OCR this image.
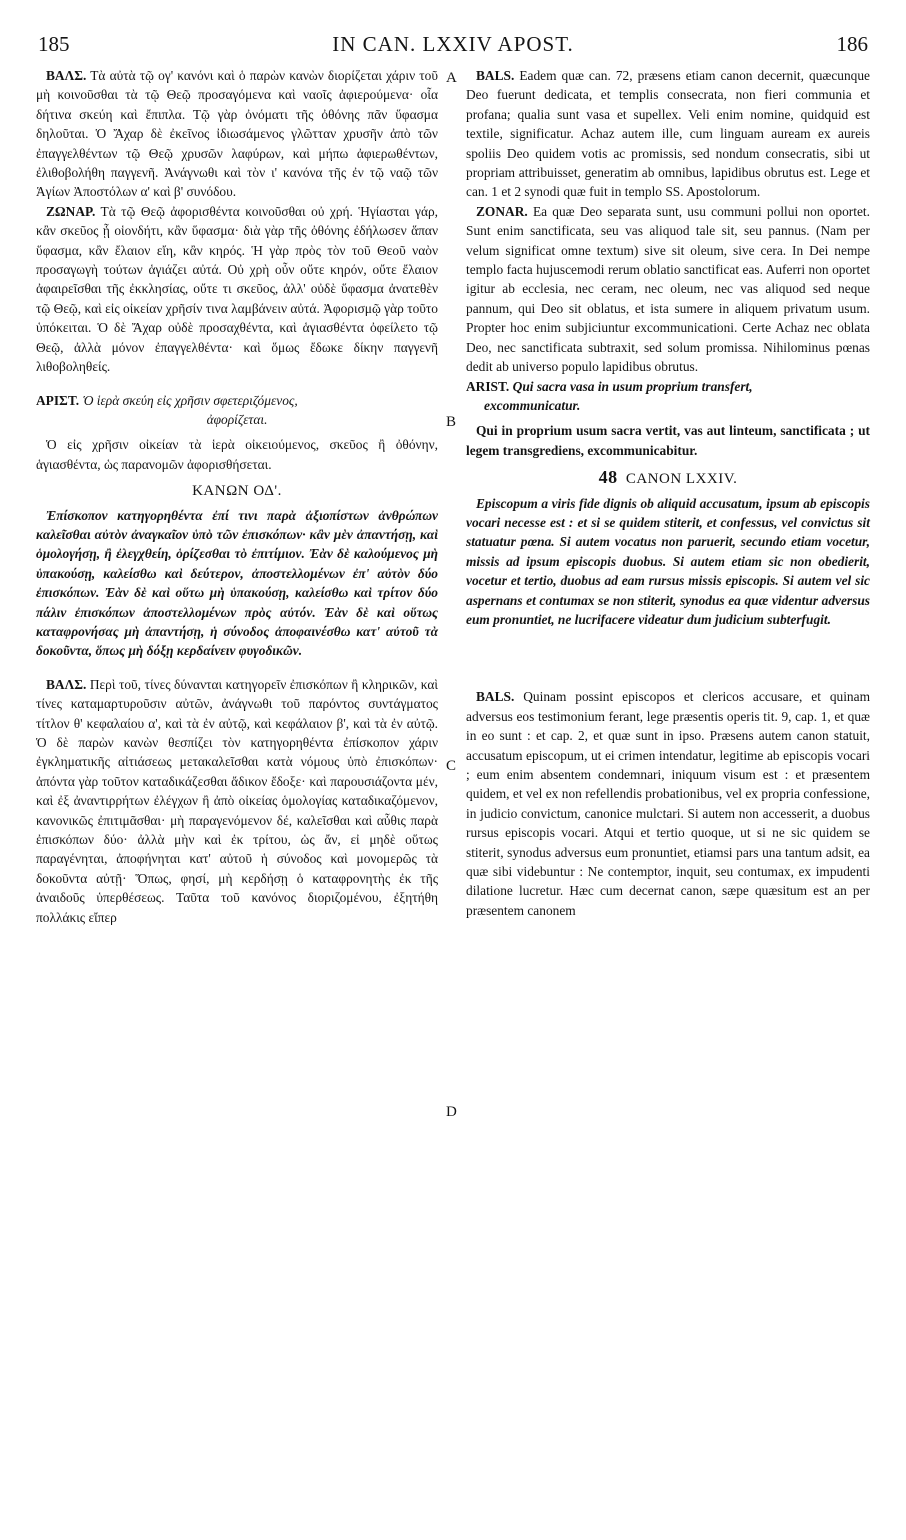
185	IN CAN. LXXIV APOST.	186
A
B
C
D

ΒΑΛΣ. Τὰ αὐτὰ τῷ ογ' κανόνι καὶ ὁ παρὼν κανὼν διορίζεται χάριν τοῦ μὴ κοινοῦσθαι τὰ τῷ Θεῷ προσαγόμενα καὶ ναοῖς ἀφιερούμενα· οἷα δήτινα σκεύη καὶ ἔπιπλα. Τῷ γὰρ ὀνόματι τῆς ὀθόνης πᾶν ὕφασμα δηλοῦται. Ὁ Ἄχαρ δὲ ἐκεῖνος ἰδιωσάμενος γλῶτταν χρυσῆν ἀπὸ τῶν ἐπαγγελθέντων τῷ Θεῷ χρυσῶν λαφύρων, καὶ μήπω ἀφιερωθέντων, ἐλιθοβολήθη παγγενῆ. Ἀνάγνωθι καὶ τὸν ι' κανόνα τῆς ἐν τῷ ναῷ τῶν Ἁγίων Ἀποστόλων α' καὶ β' συνόδου.

ΖΩΝΑΡ. Τὰ τῷ Θεῷ ἀφορισθέντα κοινοῦσθαι οὐ χρή. Ἡγίασται γάρ, κἂν σκεῦος ᾖ οἱονδήτι, κἂν ὕφασμα· διὰ γὰρ τῆς ὀθόνης ἐδήλωσεν ἅπαν ὕφασμα, κἂν ἔλαιον εἴη, κἂν κηρός. Ἡ γὰρ πρὸς τὸν τοῦ Θεοῦ ναὸν προσαγωγὴ τούτων ἁγιάζει αὐτά. Οὐ χρὴ οὖν οὔτε κηρόν, οὔτε ἔλαιον ἀφαιρεῖσθαι τῆς ἐκκλησίας, οὔτε τι σκεῦος, ἀλλ' οὐδὲ ὕφασμα ἀνατεθὲν τῷ Θεῷ, καὶ εἰς οἰκείαν χρῆσίν τινα λαμβάνειν αὐτά. Ἀφορισμῷ γὰρ τοῦτο ὑπόκειται. Ὁ δὲ Ἄχαρ οὐδὲ προσαχθέντα, καὶ ἁγιασθέντα ὀφείλετο τῷ Θεῷ, ἀλλὰ μόνον ἐπαγγελθέντα· καὶ ὅμως ἔδωκε δίκην παγγενῆ λιθοβοληθείς.

ΑΡΙΣΤ. Ὁ ἱερὰ σκεύη εἰς χρῆσιν σφετεριζόμενος,

ἀφορίζεται.

Ὁ εἰς χρῆσιν οἰκείαν τὰ ἱερὰ οἰκειούμενος, σκεῦος ἢ ὀθόνην, ἁγιασθέντα, ὡς παρανομῶν ἀφορισθήσεται.

ΚΑΝΩΝ ΟΔ'.

Ἐπίσκοπον κατηγορηθέντα ἐπί τινι παρὰ ἀξιοπίστων ἀνθρώπων καλεῖσθαι αὐτὸν ἀναγκαῖον ὑπὸ τῶν ἐπισκόπων· κἂν μὲν ἀπαντήσῃ, καὶ ὁμολογήσῃ, ἢ ἐλεγχθείη, ὁρίζεσθαι τὸ ἐπιτίμιον. Ἐὰν δὲ καλούμενος μὴ ὑπακούσῃ, καλείσθω καὶ δεύτερον, ἀποστελλομένων ἐπ' αὐτὸν δύο ἐπισκόπων. Ἐὰν δὲ καὶ οὕτω μὴ ὑπακούσῃ, καλείσθω καὶ τρίτον δύο πάλιν ἐπισκόπων ἀποστελλομένων πρὸς αὐτόν. Ἐὰν δὲ καὶ οὕτως καταφρονήσας μὴ ἀπαντήσῃ, ἡ σύνοδος ἀποφαινέσθω κατ' αὐτοῦ τὰ δοκοῦντα, ὅπως μὴ δόξῃ κερδαίνειν φυγοδικῶν.

ΒΑΛΣ. Περὶ τοῦ, τίνες δύνανται κατηγορεῖν ἐπισκόπων ἢ κληρικῶν, καὶ τίνες καταμαρτυροῦσιν αὐτῶν, ἀνάγνωθι τοῦ παρόντος συντάγματος τίτλον θ' κεφαλαίου α', καὶ τὰ ἐν αὐτῷ, καὶ κεφάλαιον β', καὶ τὰ ἐν αὐτῷ. Ὁ δὲ παρὼν κανὼν θεσπίζει τὸν κατηγορηθέντα ἐπίσκοπον χάριν ἐγκληματικῆς αἰτιάσεως μετακαλεῖσθαι κατὰ νόμους ὑπὸ ἐπισκόπων· ἀπόντα γὰρ τοῦτον καταδικάζεσθαι ἄδικον ἔδοξε· καὶ παρουσιάζοντα μέν, καὶ ἐξ ἀναντιρρήτων ἐλέγχων ἢ ἀπὸ οἰκείας ὁμολογίας καταδικαζόμενον, κανονικῶς ἐπιτιμᾶσθαι· μὴ παραγενόμενον δέ, καλεῖσθαι καὶ αὖθις παρὰ ἐπισκόπων δύο· ἀλλὰ μὴν καὶ ἐκ τρίτου, ὡς ἄν, εἰ μηδὲ οὕτως παραγένηται, ἀποφήνηται κατ' αὐτοῦ ἡ σύνοδος καὶ μονομερῶς τὰ δοκοῦντα αὐτῇ· Ὅπως, φησί, μὴ κερδήσῃ ὁ καταφρονητὴς ἐκ τῆς ἀναιδοῦς ὑπερθέσεως. Ταῦτα τοῦ κανόνος διοριζομένου, ἐξητήθη πολλάκις εἴπερ

BALS. Eadem quæ can. 72, præsens etiam canon decernit, quæcunque Deo fuerunt dedicata, et templis consecrata, non fieri communia et profana; qualia sunt vasa et supellex. Veli enim nomine, quidquid est textile, significatur. Achaz autem ille, cum linguam auream ex aureis spoliis Deo quidem votis ac promissis, sed nondum consecratis, sibi ut propriam attribuisset, generatim ab omnibus, lapidibus obrutus est. Lege et can. 1 et 2 synodi quæ fuit in templo SS. Apostolorum.

ZONAR. Ea quæ Deo separata sunt, usu communi pollui non oportet. Sunt enim sanctificata, seu vas aliquod tale sit, seu pannus. (Nam per velum significat omne textum) sive sit oleum, sive cera. In Dei nempe templo facta hujuscemodi rerum oblatio sanctificat eas. Auferri non oportet igitur ab ecclesia, nec ceram, nec oleum, nec vas aliquod sed neque pannum, qui Deo sit oblatus, et ista sumere in aliquem privatum usum. Propter hoc enim subjiciuntur excommunicationi. Certe Achaz nec oblata Deo, nec sanctificata subtraxit, sed solum promissa. Nihilominus pœnas dedit ab universo populo lapidibus obrutus.

ARIST. Qui sacra vasa in usum proprium transfert,

excommunicatur.

Qui in proprium usum sacra vertit, vas aut linteum, sanctificata ; ut legem transgrediens, excommunicabitur.

48 CANON LXXIV.

Episcopum a viris fide dignis ob aliquid accusatum, ipsum ab episcopis vocari necesse est : et si se quidem stiterit, et confessus, vel convictus sit statuatur pœna. Si autem vocatus non paruerit, secundo etiam vocetur, missis ad ipsum episcopis duobus. Si autem etiam sic non obedierit, vocetur et tertio, duobus ad eam rursus missis episcopis. Si autem vel sic aspernans et contumax se non stiterit, synodus ea quæ videntur adversus eum pronuntiet, ne lucrifacere videatur dum judicium subterfugit.

BALS. Quinam possint episcopos et clericos accusare, et quinam adversus eos testimonium ferant, lege præsentis operis tit. 9, cap. 1, et quæ in eo sunt : et cap. 2, et quæ sunt in ipso. Præsens autem canon statuit, accusatum episcopum, ut ei crimen intendatur, legitime ab episcopis vocari ; eum enim absentem condemnari, iniquum visum est : et præsentem quidem, et vel ex non refellendis probationibus, vel ex propria confessione, in judicio convictum, canonice mulctari. Si autem non accesserit, a duobus rursus episcopis vocari. Atqui et tertio quoque, ut si ne sic quidem se stiterit, synodus adversus eum pronuntiet, etiamsi pars una tantum adsit, ea quæ sibi videbuntur : Ne contemptor, inquit, seu contumax, ex impudenti dilatione lucretur. Hæc cum decernat canon, sæpe quæsitum est an per præsentem canonem
